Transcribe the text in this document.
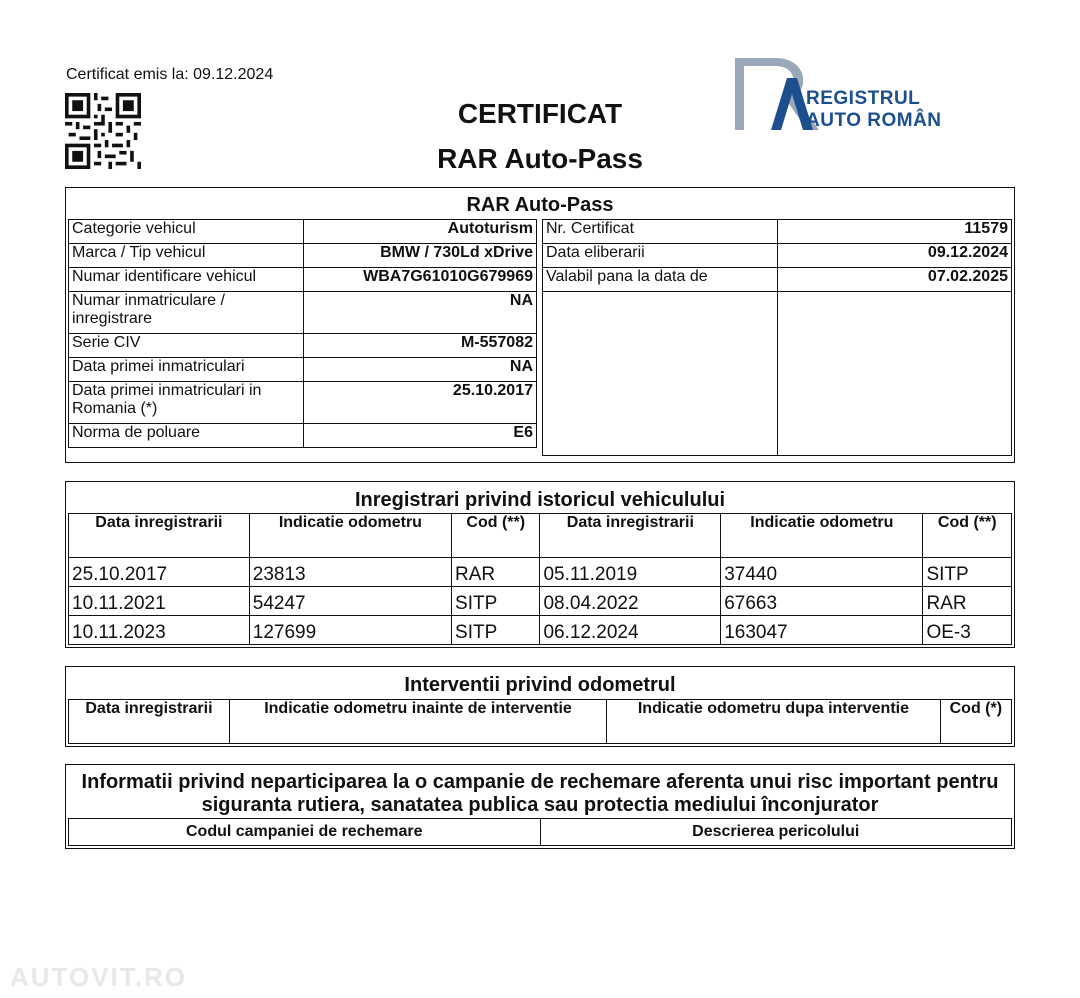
Certificat emis la: 09.12.2024
CERTIFICAT
RAR Auto-Pass
REGISTRUL
AUTO ROMÂN
RAR Auto-Pass
Categorie vehicul	Autoturism
Marca / Tip vehicul	BMW / 730Ld xDrive
Numar identificare vehicul	WBA7G61010G679969
Numar inmatriculare / inregistrare	NA
Serie CIV	M-557082
Data primei inmatriculari	NA
Data primei inmatriculari in Romania (*)	25.10.2017
Norma de poluare	E6
Nr. Certificat	11579
Data eliberarii	09.12.2024
Valabil pana la data de	07.02.2025

Inregistrari privind istoricul vehiculului
Data inregistrarii	Indicatie odometru	Cod (**)	Data inregistrarii	Indicatie odometru	Cod (**)
25.10.2017	23813	RAR	05.11.2019	37440	SITP
10.11.2021	54247	SITP	08.04.2022	67663	RAR
10.11.2023	127699	SITP	06.12.2024	163047	OE-3
Interventii privind odometrul
Data inregistrarii	Indicatie odometru inainte de interventie	Indicatie odometru dupa interventie	Cod (*)
Informatii privind neparticiparea la o campanie de rechemare aferenta unui risc important pentru siguranta rutiera, sanatatea publica sau protectia mediului înconjurator
Codul campaniei de rechemare	Descrierea pericolului
AUTOVIT.RO
